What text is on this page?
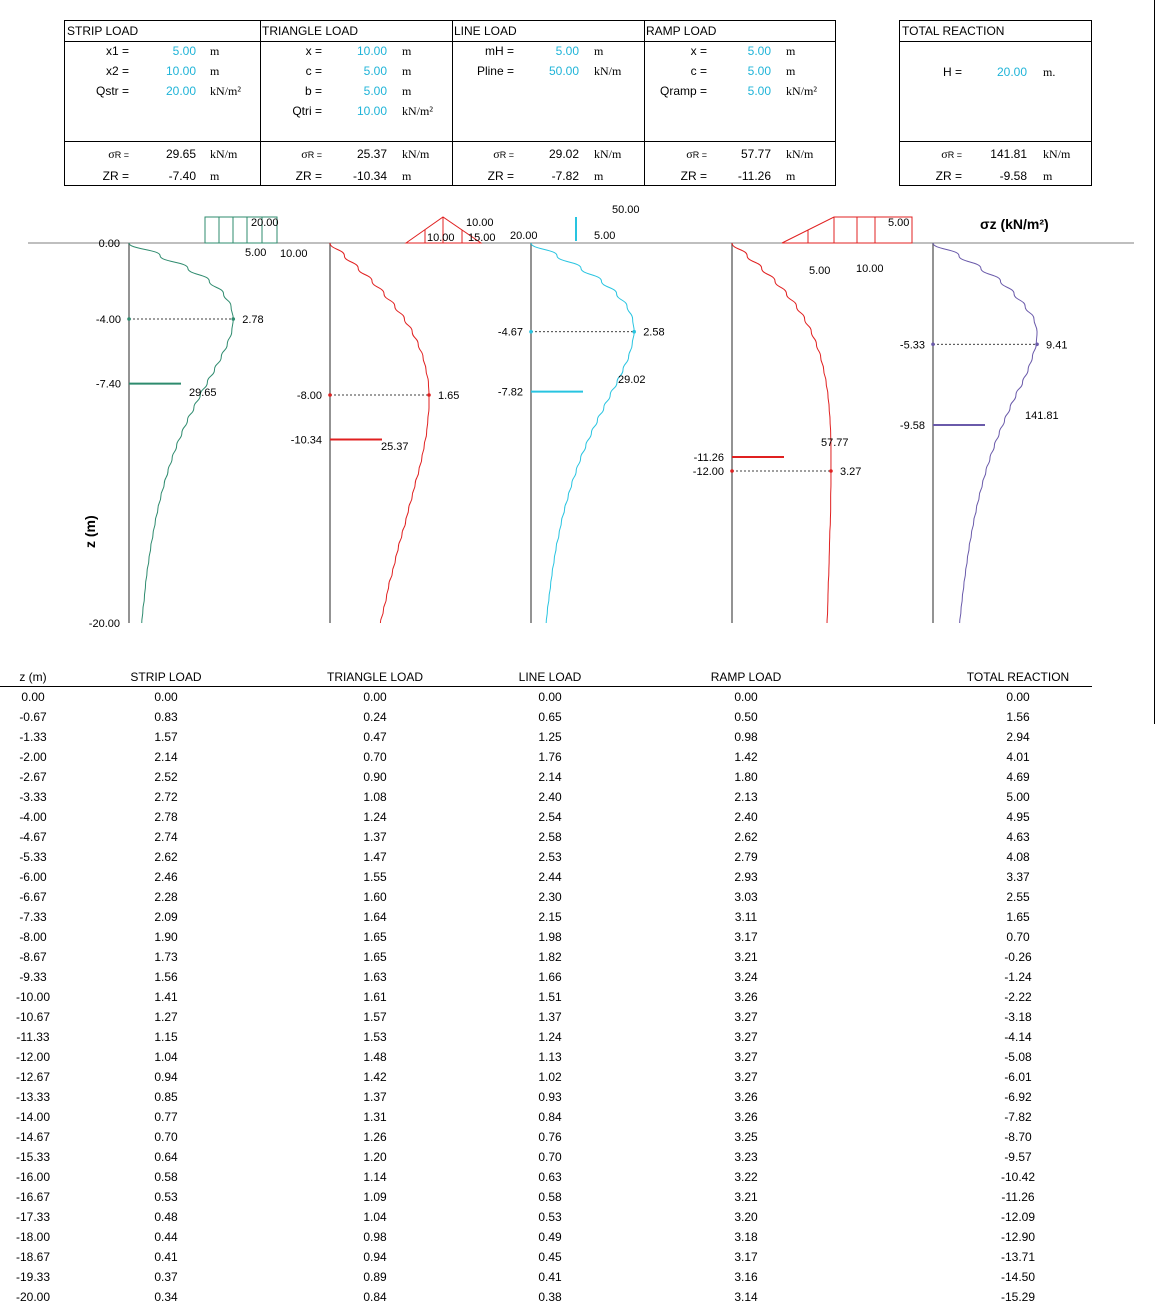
STRIP LOAD
x1 =	5.00 m
x2 =	10.00 m
Qstr =	20.00 kN/m²
σR =	29.65 kN/m
ZR =	-7.40 m
TRIANGLE LOAD
x =	10.00 m
c =	5.00 m
b =	5.00 m
Qtri =	10.00 kN/m²
σR =	25.37 kN/m
ZR =	-10.34 m
LINE LOAD
mH =	5.00 m
Pline =	50.00 kN/m
σR =	29.02 kN/m
ZR =	-7.82 m
RAMP LOAD
x =	5.00 m
c =	5.00 m
Qramp =	5.00 kN/m²
σR =	57.77 kN/m
ZR =	-11.26 m
TOTAL REACTION
H =	20.00 m.
σR = 141.81 kN/m
ZR =	-9.58 m
σz (kN/m²)
z (m)
0.00
-20.00
-4.00	2.78
-7.40
-8.00	1.65
-10.34
-4.67	2.58
-7.82
-12.00	3.27
-11.26
-5.33	9.41
-9.58
29.65
25.37
29.02
57.77
141.81
20.00
5.00 10.00
10.00
10.00 15.00
50.00
20.00	5.00
5.00
5.00 10.00
z (m)	STRIP LOAD	TRIANGLE LOAD	LINE LOAD	RAMP LOAD	TOTAL REACTION
0.00	0.00	0.00	0.00	0.00	0.00
-0.67	0.83	0.24	0.65	0.50	1.56
-1.33	1.57	0.47	1.25	0.98	2.94
-2.00	2.14	0.70	1.76	1.42	4.01
-2.67	2.52	0.90	2.14	1.80	4.69
-3.33	2.72	1.08	2.40	2.13	5.00
-4.00	2.78	1.24	2.54	2.40	4.95
-4.67	2.74	1.37	2.58	2.62	4.63
-5.33	2.62	1.47	2.53	2.79	4.08
-6.00	2.46	1.55	2.44	2.93	3.37
-6.67	2.28	1.60	2.30	3.03	2.55
-7.33	2.09	1.64	2.15	3.11	1.65
-8.00	1.90	1.65	1.98	3.17	0.70
-8.67	1.73	1.65	1.82	3.21	-0.26
-9.33	1.56	1.63	1.66	3.24	-1.24
-10.00	1.41	1.61	1.51	3.26	-2.22
-10.67	1.27	1.57	1.37	3.27	-3.18
-11.33	1.15	1.53	1.24	3.27	-4.14
-12.00	1.04	1.48	1.13	3.27	-5.08
-12.67	0.94	1.42	1.02	3.27	-6.01
-13.33	0.85	1.37	0.93	3.26	-6.92
-14.00	0.77	1.31	0.84	3.26	-7.82
-14.67	0.70	1.26	0.76	3.25	-8.70
-15.33	0.64	1.20	0.70	3.23	-9.57
-16.00	0.58	1.14	0.63	3.22	-10.42
-16.67	0.53	1.09	0.58	3.21	-11.26
-17.33	0.48	1.04	0.53	3.20	-12.09
-18.00	0.44	0.98	0.49	3.18	-12.90
-18.67	0.41	0.94	0.45	3.17	-13.71
-19.33	0.37	0.89	0.41	3.16	-14.50
-20.00	0.34	0.84	0.38	3.14	-15.29
